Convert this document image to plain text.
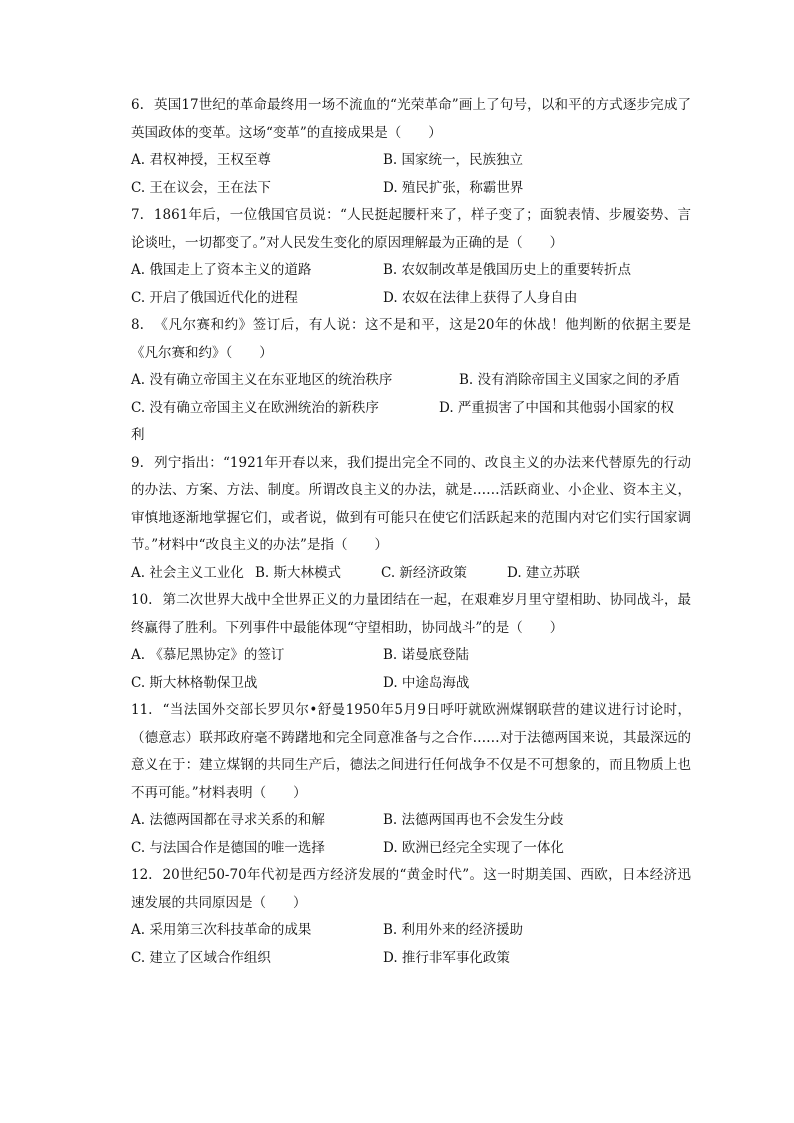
6. 英国17世纪的革命最终用一场不流血的“光荣革命”画上了句号，以和平的方式逐步完成了英国政体的变革。这场“变革”的直接成果是（　　）

A. 君权神授，王权至尊	B. 国家统一，民族独立
C. 王在议会，王在法下	D. 殖民扩张，称霸世界

7. 1861年后，一位俄国官员说：“人民挺起腰杆来了，样子变了；面貌表情、步履姿势、言论谈吐，一切都变了。”对人民发生变化的原因理解最为正确的是（　　）

A. 俄国走上了资本主义的道路	B. 农奴制改革是俄国历史上的重要转折点
C. 开启了俄国近代化的进程	D. 农奴在法律上获得了人身自由

8. 《凡尔赛和约》签订后，有人说：这不是和平，这是20年的休战！他判断的依据主要是《凡尔赛和约》（　　）

A. 没有确立帝国主义在东亚地区的统治秩序	B. 没有消除帝国主义国家之间的矛盾
C. 没有确立帝国主义在欧洲统治的新秩序	D. 严重损害了中国和其他弱小国家的权

利

9. 列宁指出：“1921年开春以来，我们提出完全不同的、改良主义的办法来代替原先的行动的办法、方案、方法、制度。所谓改良主义的办法，就是……活跃商业、小企业、资本主义，审慎地逐渐地掌握它们，或者说，做到有可能只在使它们活跃起来的范围内对它们实行国家调节。”材料中“改良主义的办法”是指（　　）

A. 社会主义工业化 B. 斯大林模式	C. 新经济政策	D. 建立苏联

10. 第二次世界大战中全世界正义的力量团结在一起，在艰难岁月里守望相助、协同战斗，最终赢得了胜利。下列事件中最能体现“守望相助，协同战斗”的是（　　）

A. 《慕尼黑协定》的签订	B. 诺曼底登陆
C. 斯大林格勒保卫战	D. 中途岛海战

11. “当法国外交部长罗贝尔•舒曼1950年5月9日呼吁就欧洲煤钢联营的建议进行讨论时，（德意志）联邦政府毫不踌躇地和完全同意准备与之合作……对于法德两国来说，其最深远的意义在于：建立煤钢的共同生产后，德法之间进行任何战争不仅是不可想象的，而且物质上也不再可能。”材料表明（　　）

A. 法德两国都在寻求关系的和解	B. 法德两国再也不会发生分歧
C. 与法国合作是德国的唯一选择	D. 欧洲已经完全实现了一体化

12. 20世纪50-70年代初是西方经济发展的“黄金时代”。这一时期美国、西欧，日本经济迅速发展的共同原因是（　　）

A. 采用第三次科技革命的成果	B. 利用外来的经济援助
C. 建立了区域合作组织	D. 推行非军事化政策
